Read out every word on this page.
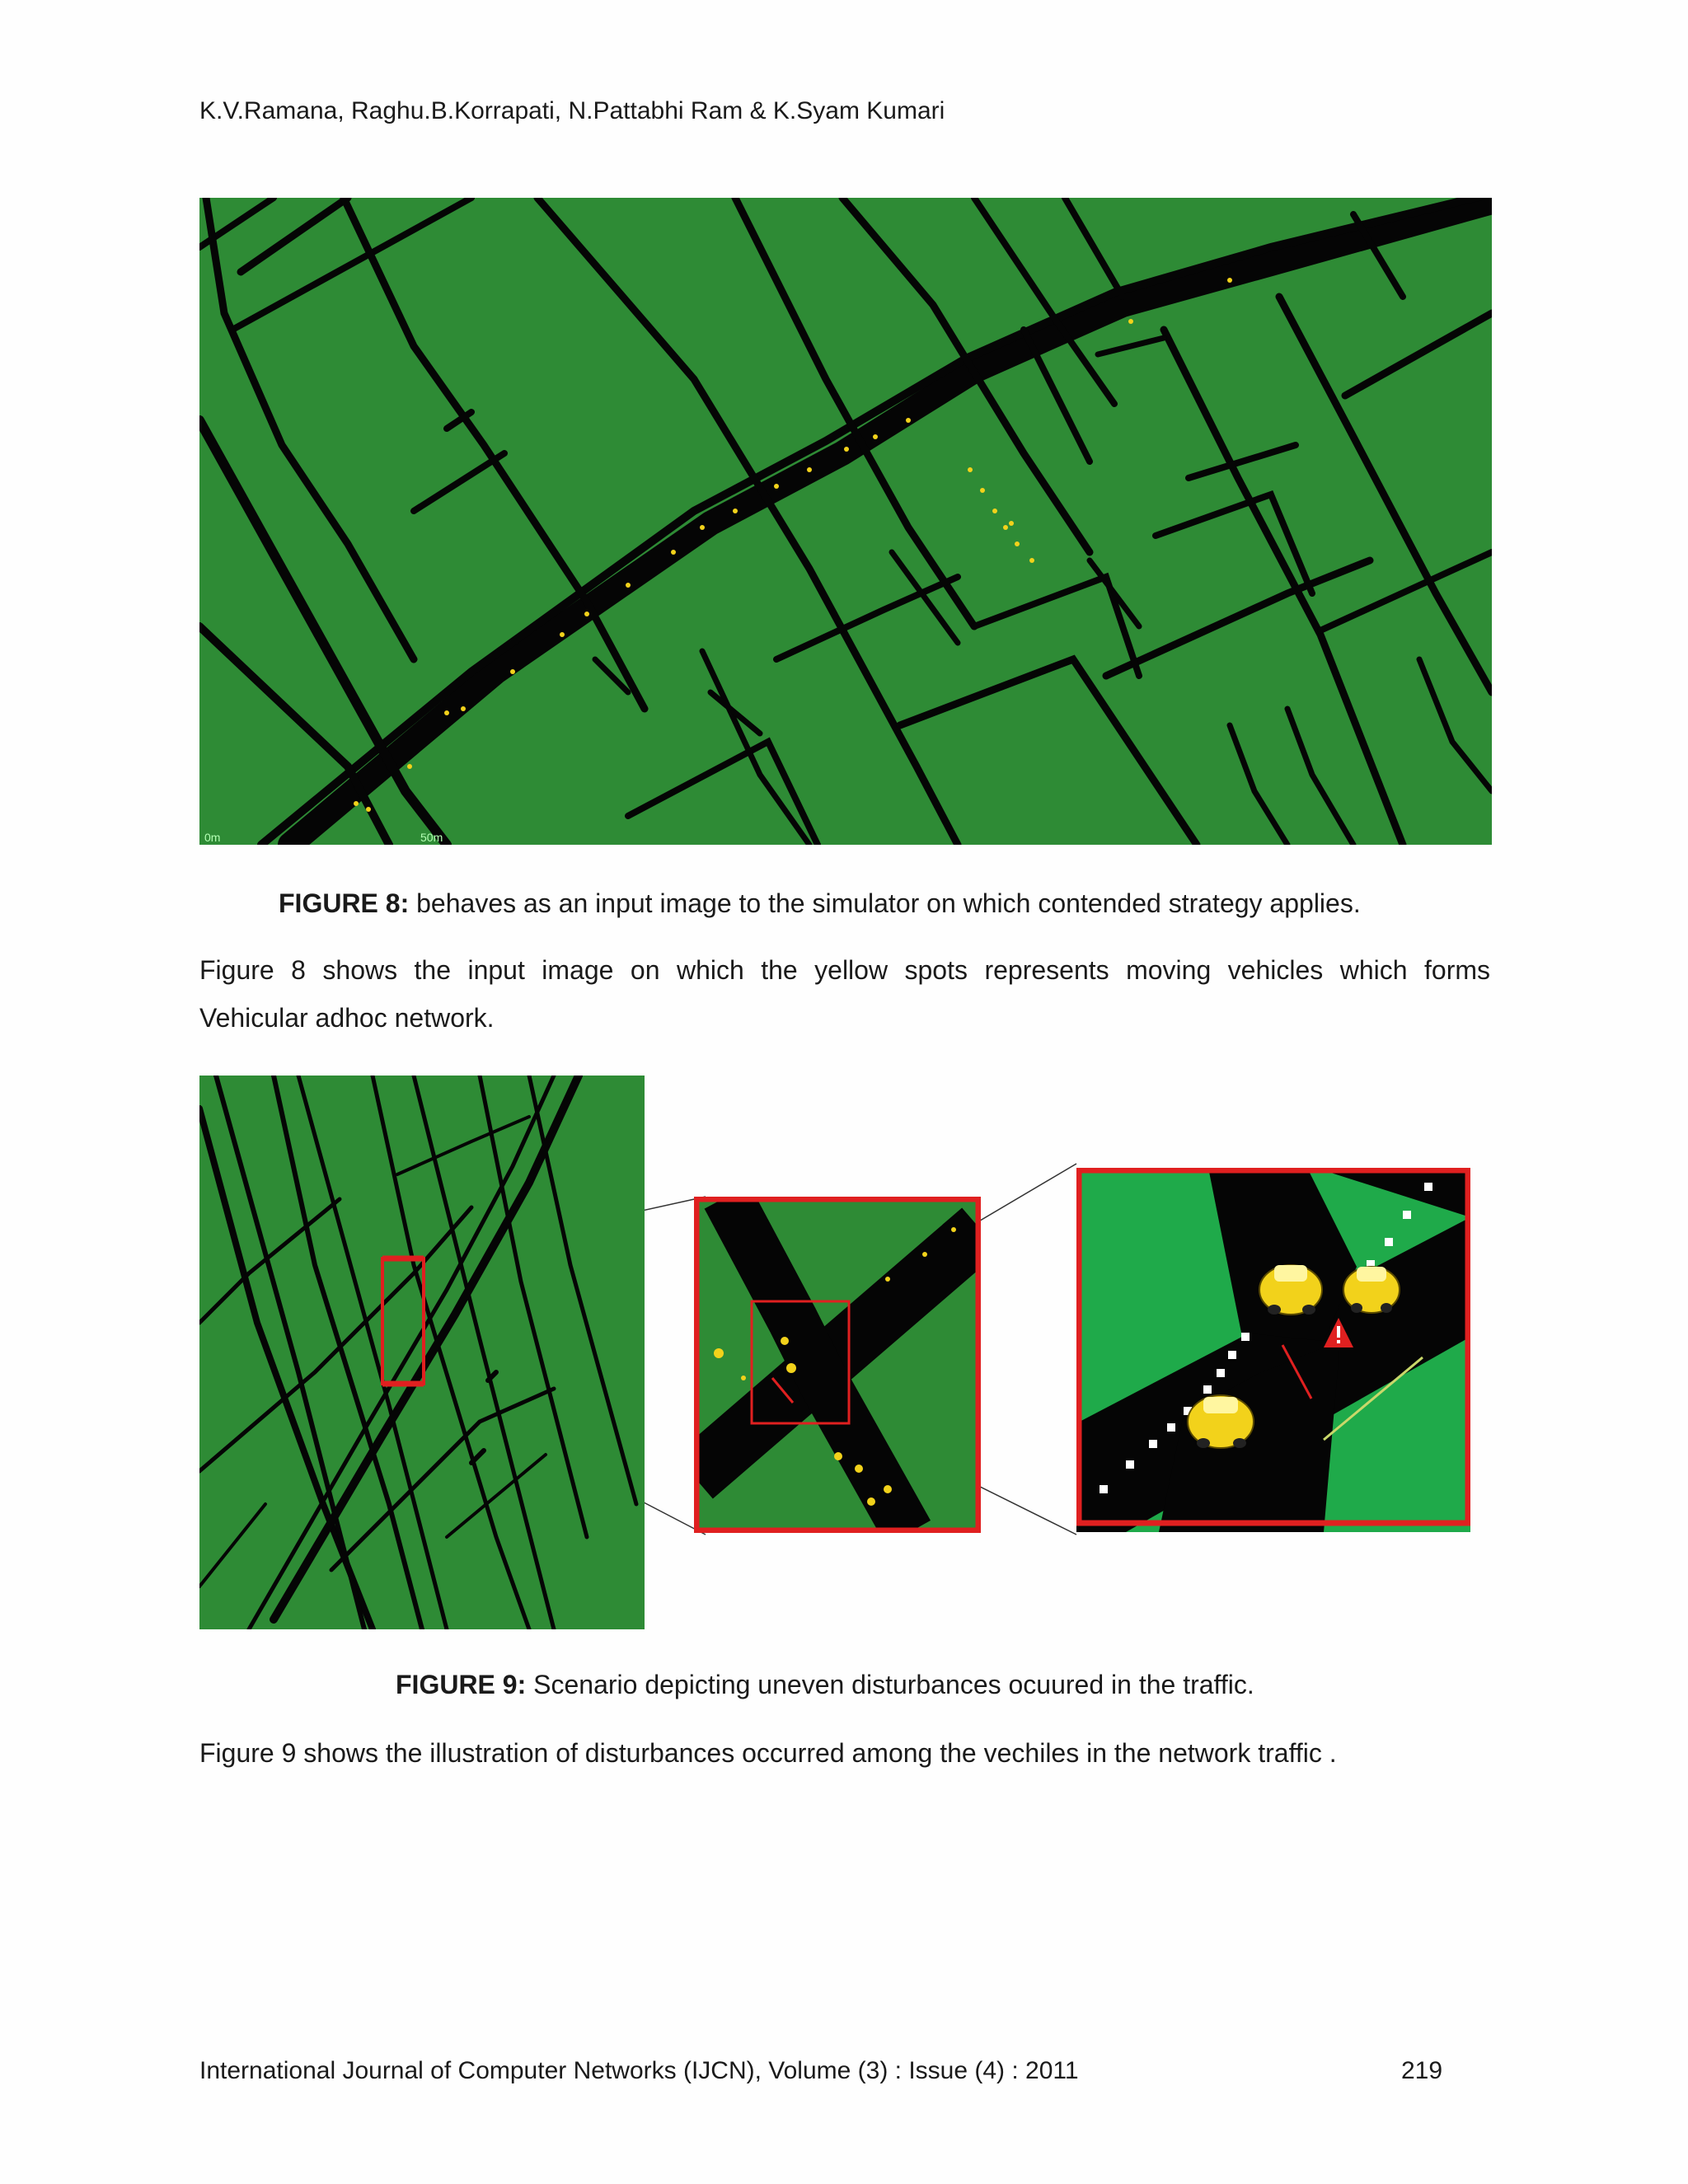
K.V.Ramana, Raghu.B.Korrapati, N.Pattabhi Ram & K.Syam Kumari
0m	50m
FIGURE 8: behaves as an input image to the simulator on which contended strategy applies.
Figure 8 shows the input image on which the yellow spots represents moving vehicles which forms
Vehicular adhoc network.
FIGURE 9: Scenario depicting uneven disturbances ocuured in the traffic.
Figure 9 shows the illustration of disturbances occurred among the vechiles in the network traffic .
International Journal of Computer Networks (IJCN), Volume (3) : Issue (4) : 2011	219
